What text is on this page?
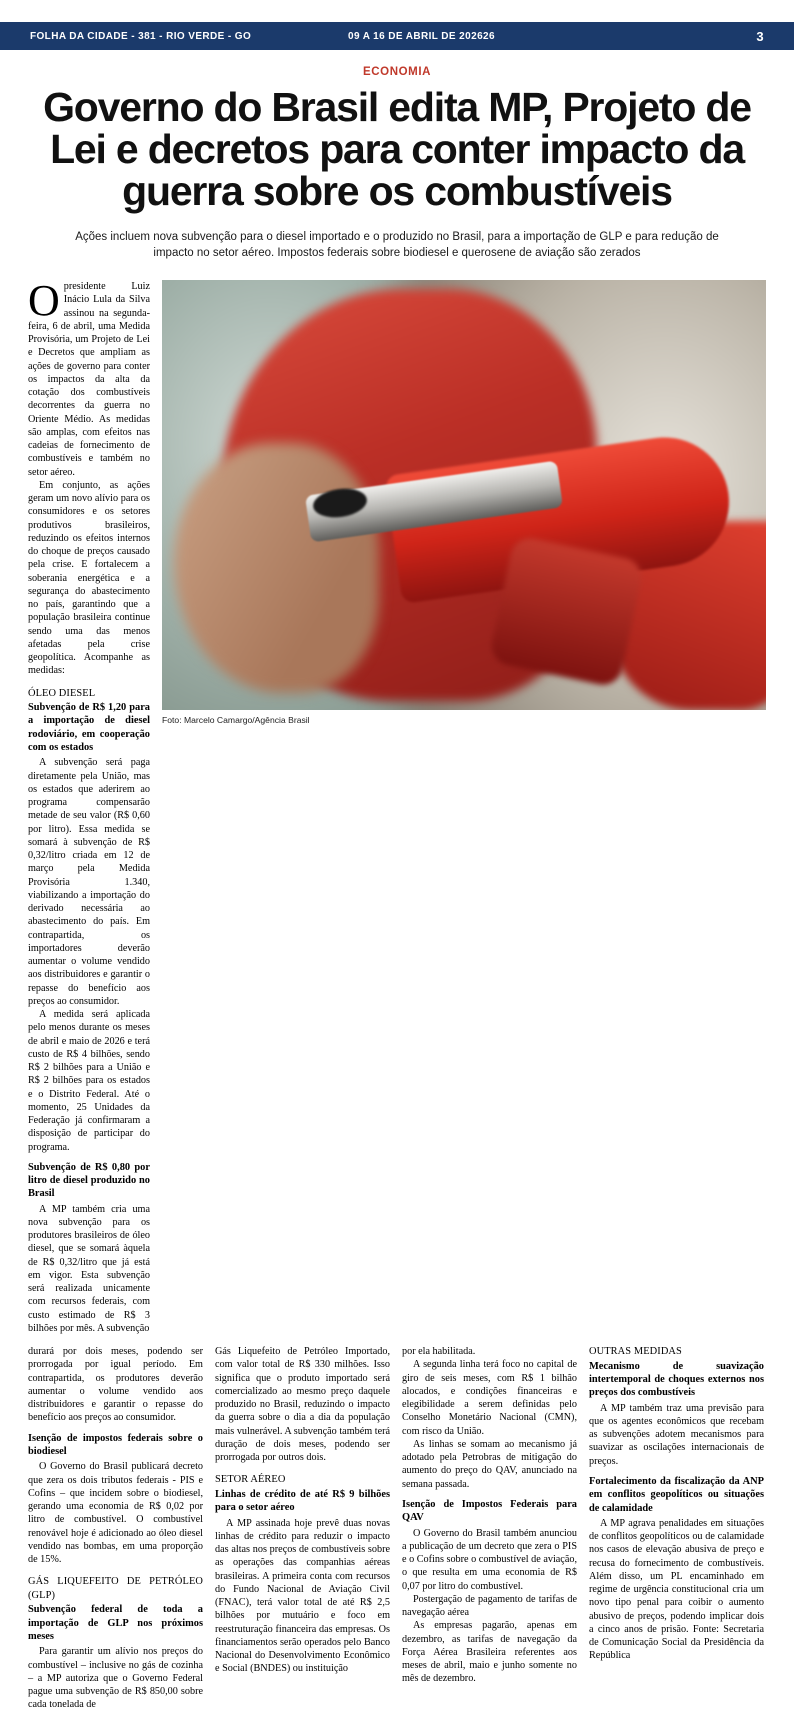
FOLHA DA CIDADE - 381 - RIO VERDE - GO	09 A 16 DE ABRIL DE 202626	3
ECONOMIA
Governo do Brasil edita MP, Projeto de Lei e decretos para conter impacto da guerra sobre os combustíveis
Ações incluem nova subvenção para o diesel importado e o produzido no Brasil, para a importação de GLP e para redução de impacto no setor aéreo. Impostos federais sobre biodiesel e querosene de aviação são zerados

Opresidente Luiz Inácio Lula da Silva assinou na segunda-feira, 6 de abril, uma Medida Provisória, um Projeto de Lei e Decretos que ampliam as ações de governo para conter os impactos da alta da cotação dos combustíveis decorrentes da guerra no Oriente Médio. As medidas são amplas, com efeitos nas cadeias de fornecimento de combustíveis e também no setor aéreo.

Em conjunto, as ações geram um novo alívio para os consumidores e os setores produtivos brasileiros, reduzindo os efeitos internos do choque de preços causado pela crise. E fortalecem a soberania energética e a segurança do abastecimento no país, garantindo que a população brasileira continue sendo uma das menos afetadas pela crise geopolítica. Acompanhe as medidas:

ÓLEO DIESEL
Subvenção de R$ 1,20 para a importação de diesel rodoviário, em cooperação com os estados

A subvenção será paga diretamente pela União, mas os estados que aderirem ao programa compensarão metade de seu valor (R$ 0,60 por litro). Essa medida se somará à subvenção de R$ 0,32/litro criada em 12 de março pela Medida Provisória 1.340, viabilizando a importação do derivado necessária ao abastecimento do país. Em contrapartida, os importadores deverão aumentar o volume vendido aos distribuidores e garantir o repasse do benefício aos preços ao consumidor.

A medida será aplicada pelo menos durante os meses de abril e maio de 2026 e terá custo de R$ 4 bilhões, sendo R$ 2 bilhões para a União e R$ 2 bilhões para os estados e o Distrito Federal. Até o momento, 25 Unidades da Federação já confirmaram a disposição de participar do programa.

Subvenção de R$ 0,80 por litro de diesel produzido no Brasil

A MP também cria uma nova subvenção para os produtores brasileiros de óleo diesel, que se somará àquela de R$ 0,32/litro que já está em vigor. Esta subvenção será realizada unicamente com recursos federais, com custo estimado de R$ 3 bilhões por mês. A subvenção

Foto: Marcelo Camargo/Agência Brasil

durará por dois meses, podendo ser prorrogada por igual período. Em contrapartida, os produtores deverão aumentar o volume vendido aos distribuidores e garantir o repasse do benefício aos preços ao consumidor.

Isenção de impostos federais sobre o biodiesel

O Governo do Brasil publicará decreto que zera os dois tributos federais - PIS e Cofins – que incidem sobre o biodiesel, gerando uma economia de R$ 0,02 por litro de combustível. O combustível renovável hoje é adicionado ao óleo diesel vendido nas bombas, em uma proporção de 15%.

GÁS LIQUEFEITO DE PETRÓLEO (GLP)
Subvenção federal de toda a importação de GLP nos próximos meses

Para garantir um alívio nos preços do combustível – inclusive no gás de cozinha – a MP autoriza que o Governo Federal pague uma subvenção de R$ 850,00 sobre cada tonelada de

Gás Liquefeito de Petróleo Importado, com valor total de R$ 330 milhões. Isso significa que o produto importado será comercializado ao mesmo preço daquele produzido no Brasil, reduzindo o impacto da guerra sobre o dia a dia da população mais vulnerável. A subvenção também terá duração de dois meses, podendo ser prorrogada por outros dois.

SETOR AÉREO
Linhas de crédito de até R$ 9 bilhões para o setor aéreo

A MP assinada hoje prevê duas novas linhas de crédito para reduzir o impacto das altas nos preços de combustíveis sobre as operações das companhias aéreas brasileiras. A primeira conta com recursos do Fundo Nacional de Aviação Civil (FNAC), terá valor total de até R$ 2,5 bilhões por mutuário e foco em reestruturação financeira das empresas. Os financiamentos serão operados pelo Banco Nacional do Desenvolvimento Econômico e Social (BNDES) ou instituição

por ela habilitada.

A segunda linha terá foco no capital de giro de seis meses, com R$ 1 bilhão alocados, e condições financeiras e elegibilidade a serem definidas pelo Conselho Monetário Nacional (CMN), com risco da União.

As linhas se somam ao mecanismo já adotado pela Petrobras de mitigação do aumento do preço do QAV, anunciado na semana passada.

Isenção de Impostos Federais para QAV

O Governo do Brasil também anunciou a publicação de um decreto que zera o PIS e o Cofins sobre o combustível de aviação, o que resulta em uma economia de R$ 0,07 por litro do combustível.

Postergação de pagamento de tarifas de navegação aérea

As empresas pagarão, apenas em dezembro, as tarifas de navegação da Força Aérea Brasileira referentes aos meses de abril, maio e junho somente no mês de dezembro.

OUTRAS MEDIDAS
Mecanismo de suavização intertemporal de choques externos nos preços dos combustíveis

A MP também traz uma previsão para que os agentes econômicos que recebam as subvenções adotem mecanismos para suavizar as oscilações internacionais de preços.

Fortalecimento da fiscalização da ANP em conflitos geopolíticos ou situações de calamidade

A MP agrava penalidades em situações de conflitos geopolíticos ou de calamidade nos casos de elevação abusiva de preço e recusa do fornecimento de combustíveis. Além disso, um PL encaminhado em regime de urgência constitucional cria um novo tipo penal para coibir o aumento abusivo de preços, podendo implicar dois a cinco anos de prisão. Fonte: Secretaria de Comunicação Social da Presidência da República
